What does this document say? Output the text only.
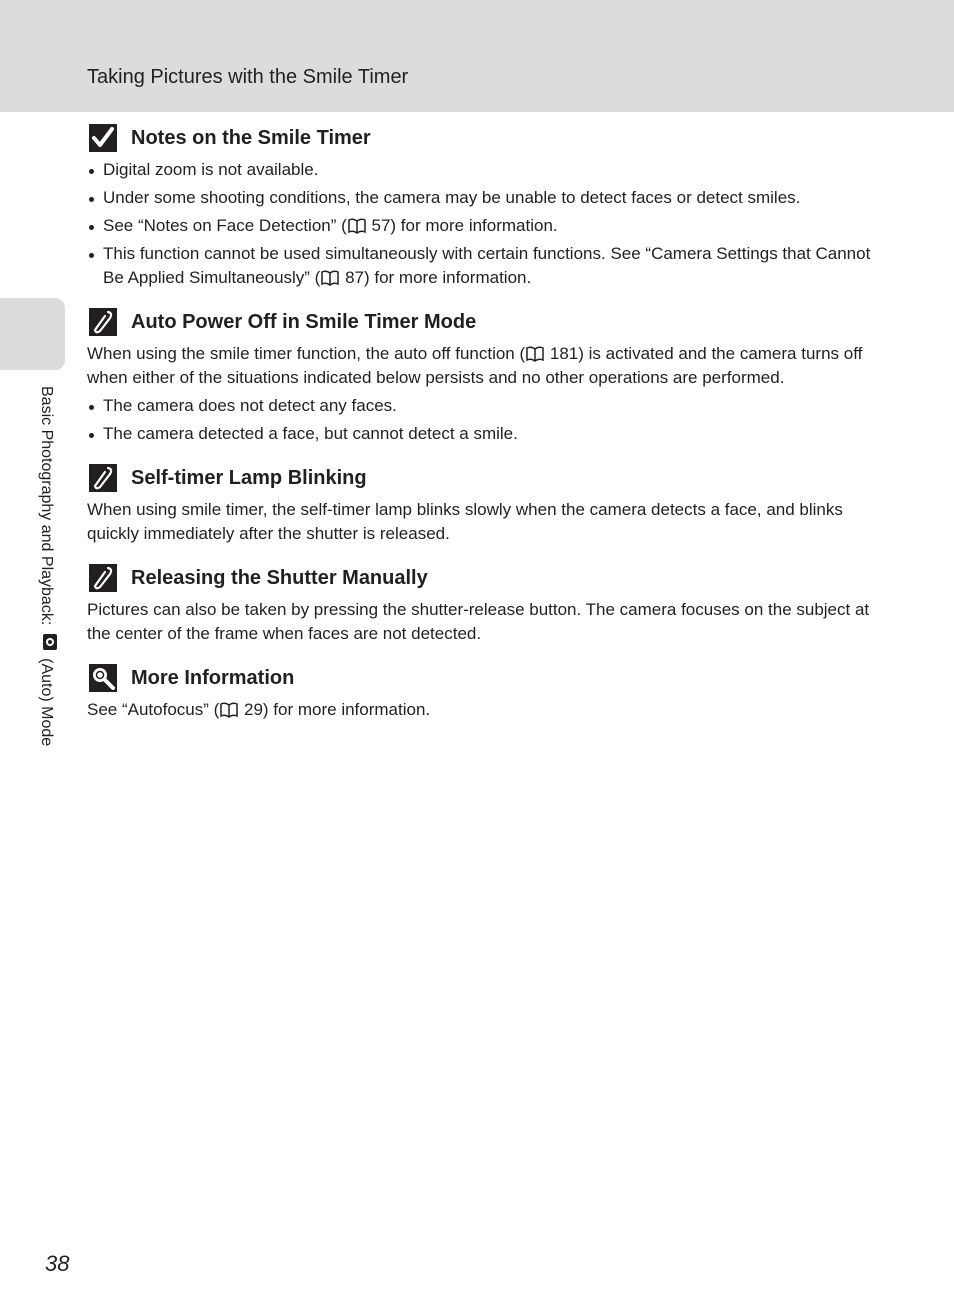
Taking Pictures with the Smile Timer
Basic Photography and Playback:  (Auto) Mode
Notes on the Smile Timer
Digital zoom is not available.
Under some shooting conditions, the camera may be unable to detect faces or detect smiles.
See “Notes on Face Detection” ( 57) for more information.
This function cannot be used simultaneously with certain functions. See “Camera Settings that Cannot Be Applied Simultaneously” ( 87) for more information.
Auto Power Off in Smile Timer Mode

When using the smile timer function, the auto off function ( 181) is activated and the camera turns off when either of the situations indicated below persists and no other operations are performed.

The camera does not detect any faces.
The camera detected a face, but cannot detect a smile.
Self-timer Lamp Blinking

When using smile timer, the self-timer lamp blinks slowly when the camera detects a face, and blinks quickly immediately after the shutter is released.

Releasing the Shutter Manually

Pictures can also be taken by pressing the shutter-release button. The camera focuses on the subject at the center of the frame when faces are not detected.

More Information

See “Autofocus” ( 29) for more information.

38
